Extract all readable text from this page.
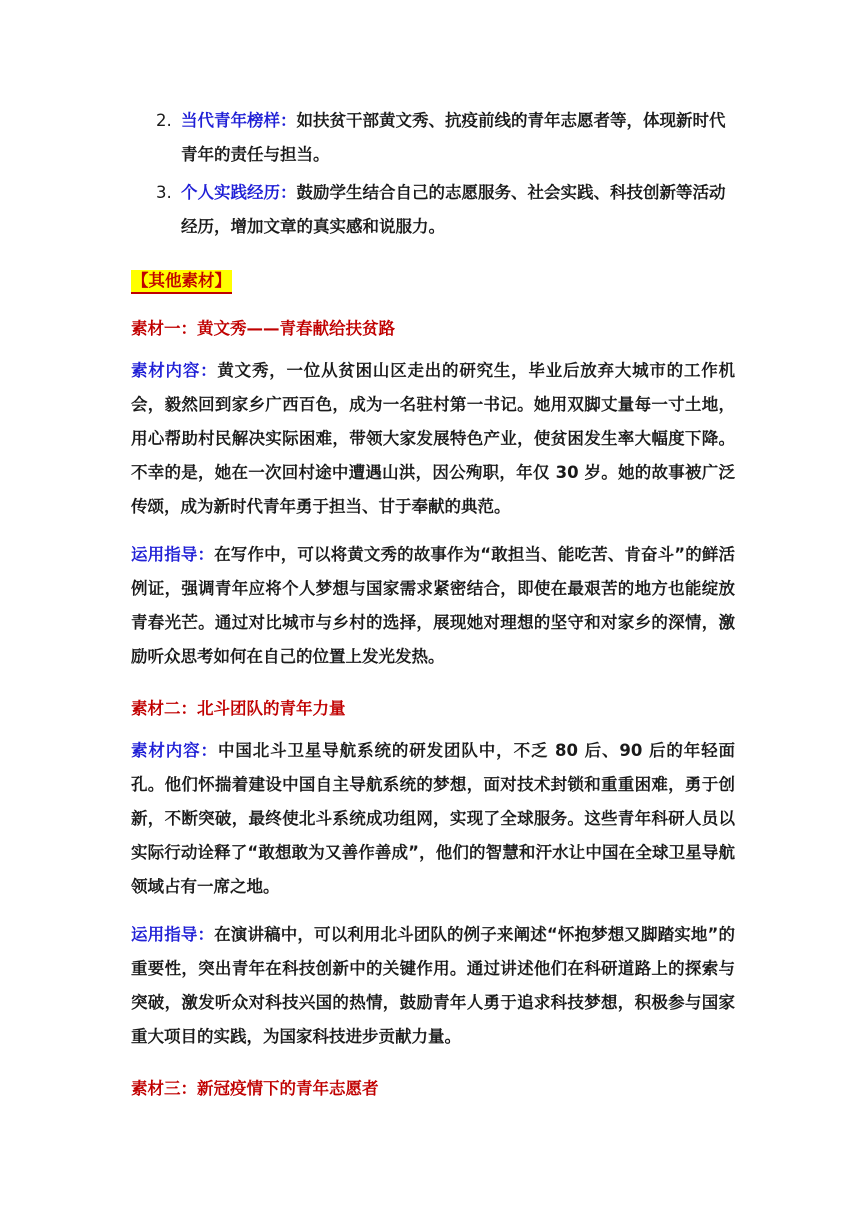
2. 当代青年榜样：如扶贫干部黄文秀、抗疫前线的青年志愿者等，体现新时代青年的责任与担当。
3. 个人实践经历：鼓励学生结合自己的志愿服务、社会实践、科技创新等活动经历，增加文章的真实感和说服力。
【其他素材】
素材一：黄文秀——青春献给扶贫路
素材内容：黄文秀，一位从贫困山区走出的研究生，毕业后放弃大城市的工作机会，毅然回到家乡广西百色，成为一名驻村第一书记。她用双脚丈量每一寸土地，用心帮助村民解决实际困难，带领大家发展特色产业，使贫困发生率大幅度下降。不幸的是，她在一次回村途中遭遇山洪，因公殉职，年仅 30 岁。她的故事被广泛传颂，成为新时代青年勇于担当、甘于奉献的典范。
运用指导：在写作中，可以将黄文秀的故事作为“敢担当、能吃苦、肯奋斗”的鲜活例证，强调青年应将个人梦想与国家需求紧密结合，即使在最艰苦的地方也能绽放青春光芒。通过对比城市与乡村的选择，展现她对理想的坚守和对家乡的深情，激励听众思考如何在自己的位置上发光发热。
素材二：北斗团队的青年力量
素材内容：中国北斗卫星导航系统的研发团队中，不乏 80 后、90 后的年轻面孔。他们怀揣着建设中国自主导航系统的梦想，面对技术封锁和重重困难，勇于创新，不断突破，最终使北斗系统成功组网，实现了全球服务。这些青年科研人员以实际行动诠释了“敢想敢为又善作善成”，他们的智慧和汗水让中国在全球卫星导航领域占有一席之地。
运用指导：在演讲稿中，可以利用北斗团队的例子来阐述“怀抱梦想又脚踏实地”的重要性，突出青年在科技创新中的关键作用。通过讲述他们在科研道路上的探索与突破，激发听众对科技兴国的热情，鼓励青年人勇于追求科技梦想，积极参与国家重大项目的实践，为国家科技进步贡献力量。
素材三：新冠疫情下的青年志愿者
